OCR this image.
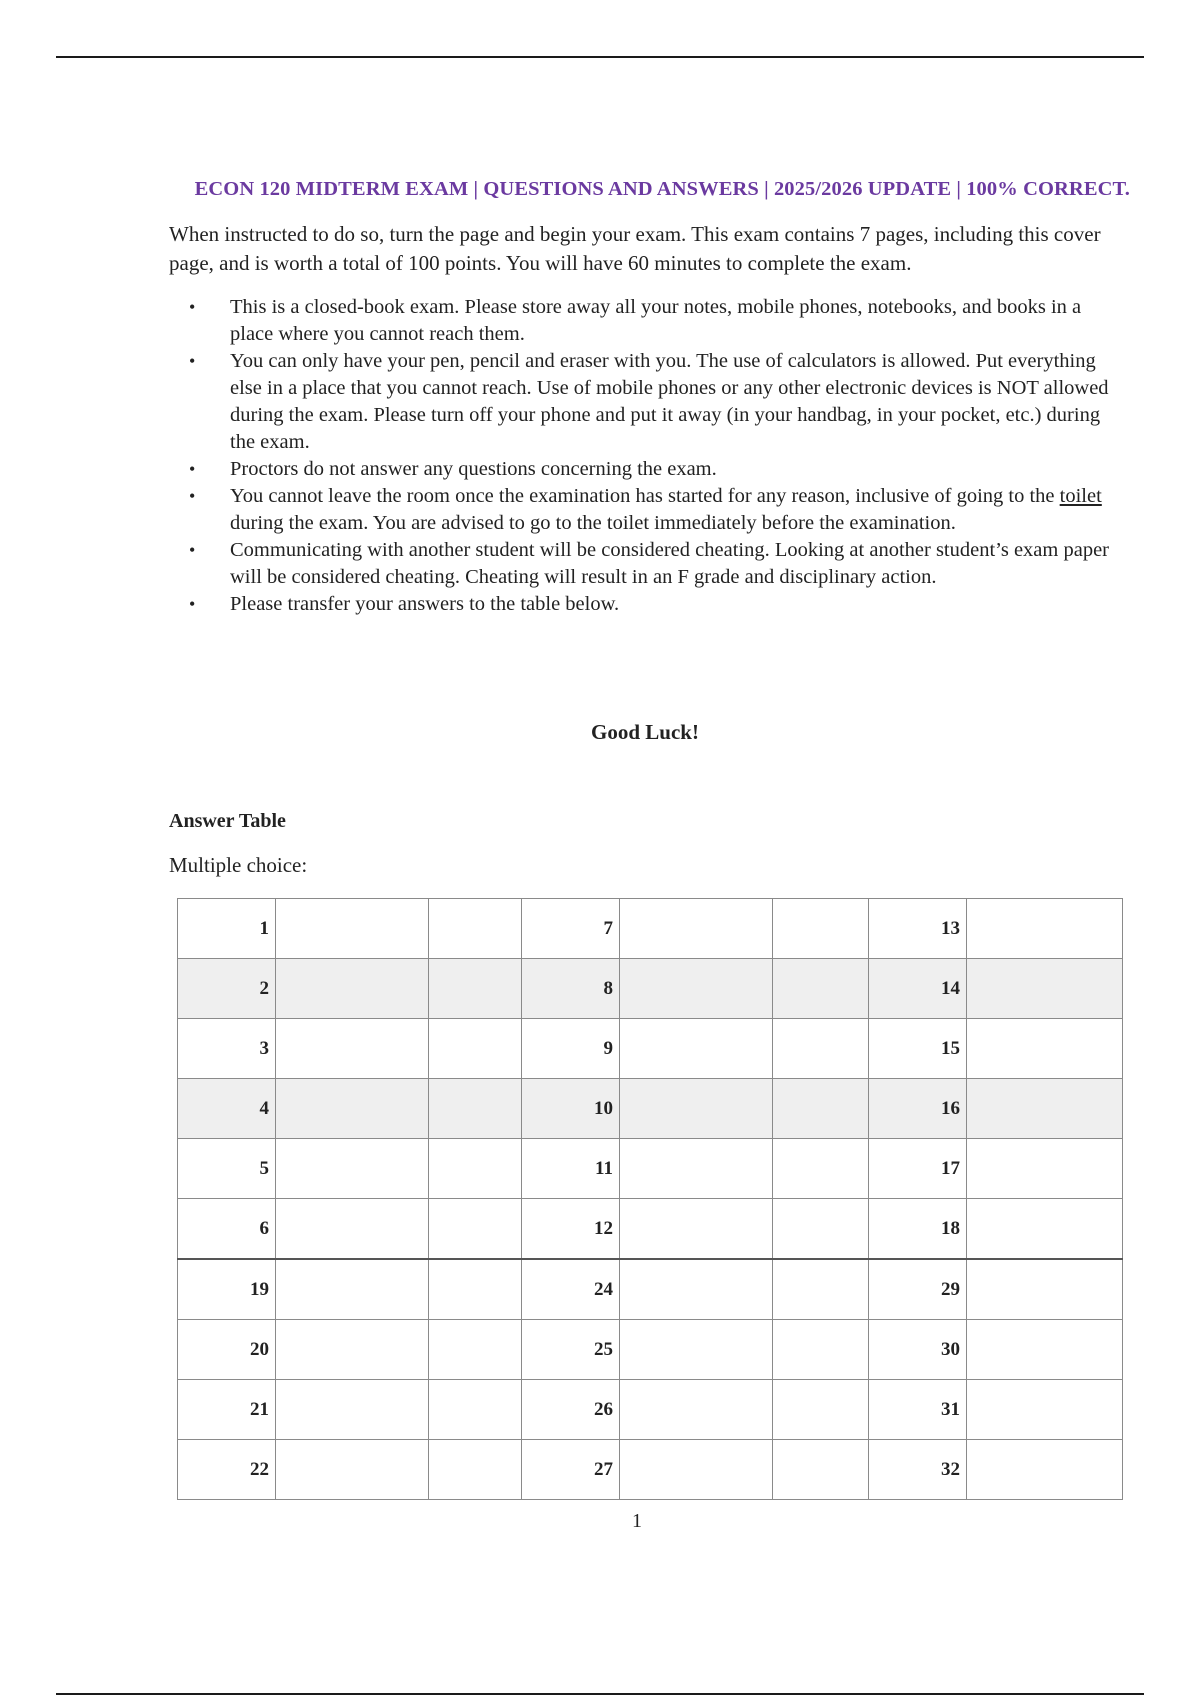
ECON 120 MIDTERM EXAM | QUESTIONS AND ANSWERS | 2025/2026 UPDATE | 100% CORRECT.

When instructed to do so, turn the page and begin your exam. This exam contains 7 pages, including this cover page, and is worth a total of 100 points. You will have 60 minutes to complete the exam.

• This is a closed-book exam. Please store away all your notes, mobile phones, notebooks, and books in a place where you cannot reach them.
• You can only have your pen, pencil and eraser with you. The use of calculators is allowed. Put everything else in a place that you cannot reach. Use of mobile phones or any other electronic devices is NOT allowed during the exam. Please turn off your phone and put it away (in your handbag, in your pocket, etc.) during the exam.
• Proctors do not answer any questions concerning the exam.
• You cannot leave the room once the examination has started for any reason, inclusive of going to the toilet during the exam. You are advised to go to the toilet immediately before the examination.
• Communicating with another student will be considered cheating. Looking at another student’s exam paper will be considered cheating. Cheating will result in an F grade and disciplinary action.
• Please transfer your answers to the table below.
Good Luck!
Answer Table
Multiple choice:
1			7			13	
2			8			14	
3			9			15	
4			10			16	
5			11			17	
6			12			18	
19			24			29	
20			25			30	
21			26			31	
22			27			32	
1
